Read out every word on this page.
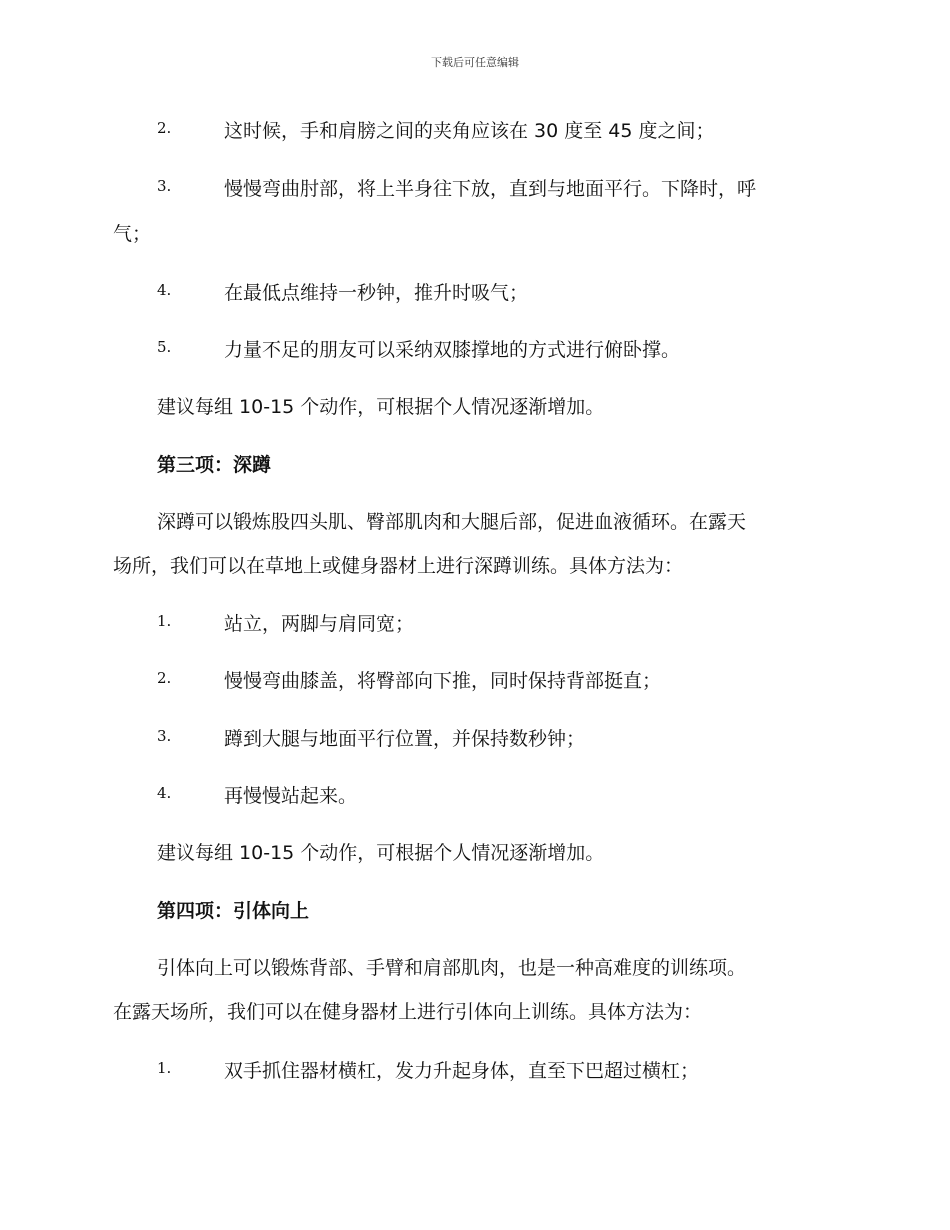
下载后可任意编辑
2.	这时候，手和肩膀之间的夹角应该在 30 度至 45 度之间；
3.	慢慢弯曲肘部，将上半身往下放，直到与地面平行。下降时，呼
气；
4.	在最低点维持一秒钟，推升时吸气；
5.	力量不足的朋友可以采纳双膝撑地的方式进行俯卧撑。
建议每组 10-15 个动作，可根据个人情况逐渐增加。
第三项：深蹲
深蹲可以锻炼股四头肌、臀部肌肉和大腿后部，促进血液循环。在露天
场所，我们可以在草地上或健身器材上进行深蹲训练。具体方法为：
1.	站立，两脚与肩同宽；
2.	慢慢弯曲膝盖，将臀部向下推，同时保持背部挺直；
3.	蹲到大腿与地面平行位置，并保持数秒钟；
4.	再慢慢站起来。
建议每组 10-15 个动作，可根据个人情况逐渐增加。
第四项：引体向上
引体向上可以锻炼背部、手臂和肩部肌肉，也是一种高难度的训练项。
在露天场所，我们可以在健身器材上进行引体向上训练。具体方法为：
1.	双手抓住器材横杠，发力升起身体，直至下巴超过横杠；
